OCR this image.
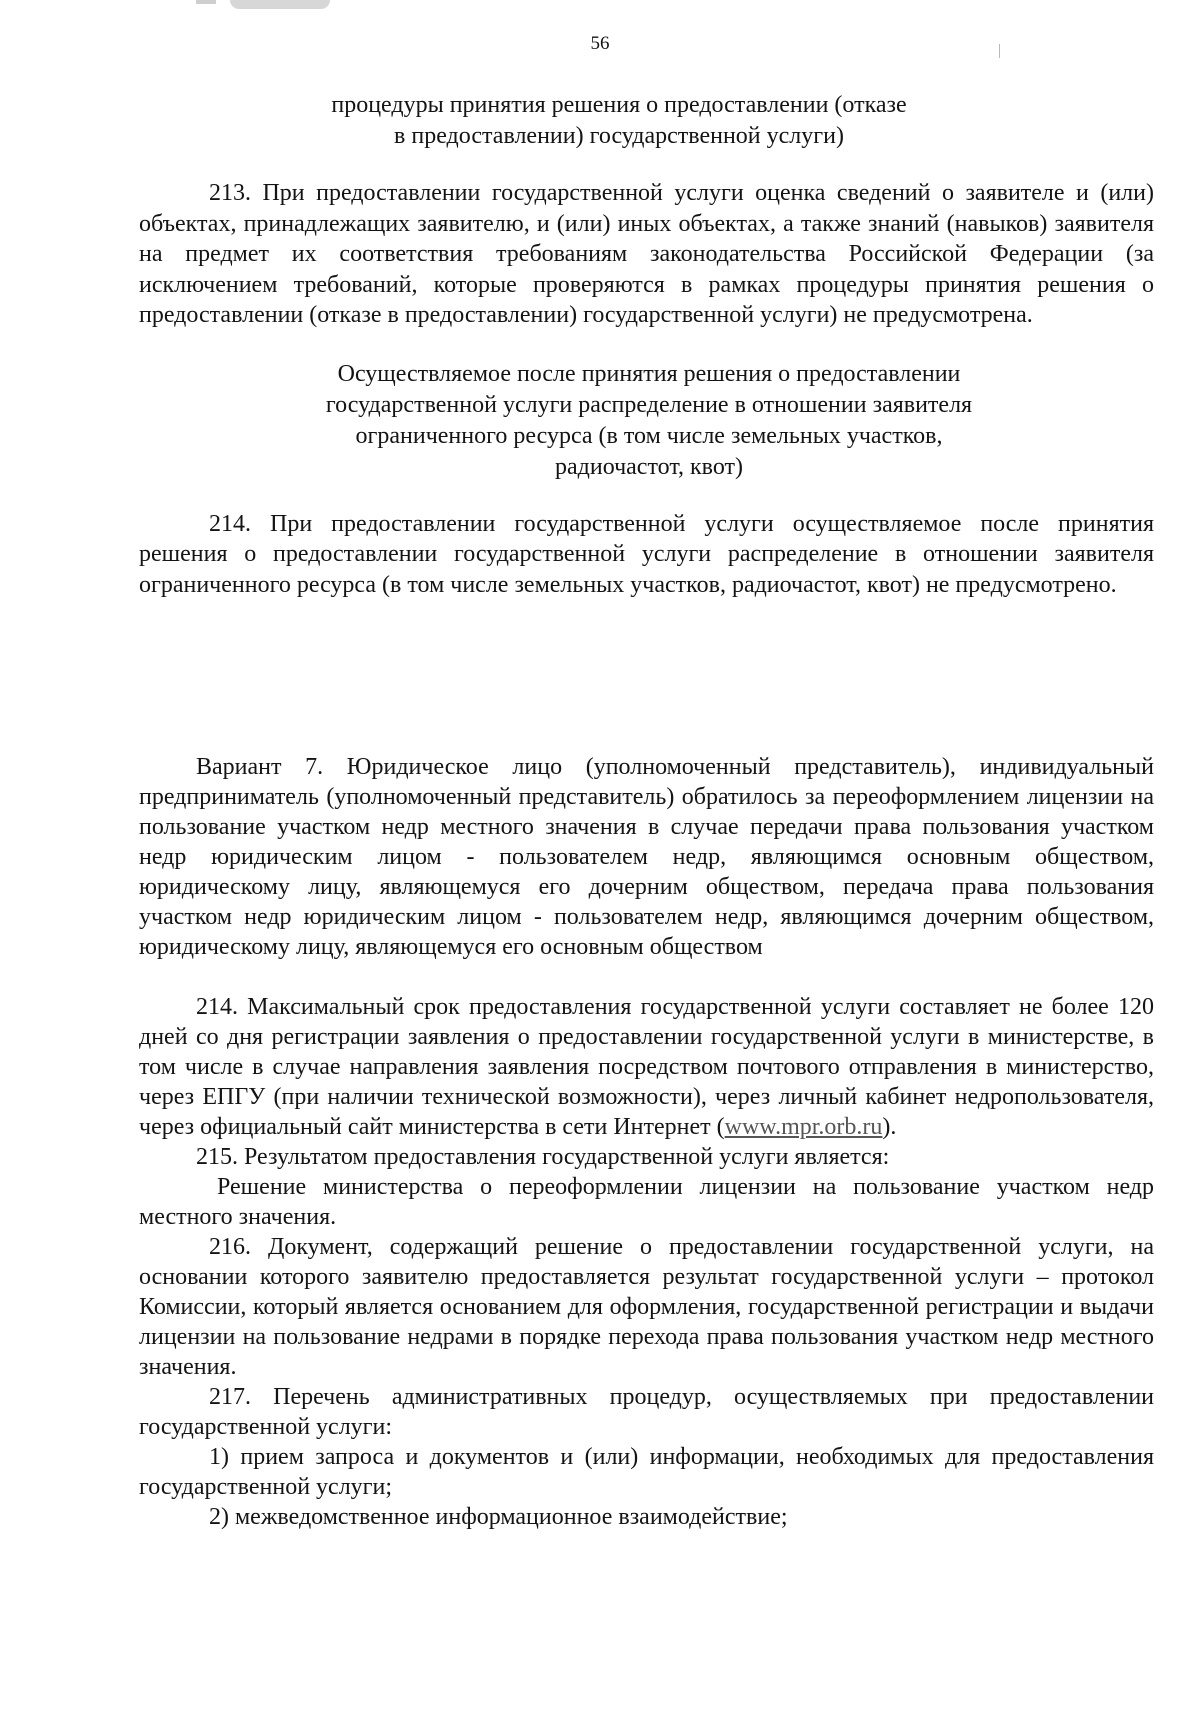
56
процедуры принятия решения о предоставлении (отказе
в предоставлении) государственной услуги)

213. При предоставлении государственной услуги оценка сведений о заявителе и (или) объектах, принадлежащих заявителю, и (или) иных объектах, а также знаний (навыков) заявителя на предмет их соответствия требованиям законодательства Российской Федерации (за исключением требований, которые проверяются в рамках процедуры принятия решения о предоставлении (отказе в предоставлении) государственной услуги) не предусмотрена.

Осуществляемое после принятия решения о предоставлении
государственной услуги распределение в отношении заявителя
ограниченного ресурса (в том числе земельных участков,
радиочастот, квот)

214. При предоставлении государственной услуги осуществляемое после принятия решения о предоставлении государственной услуги распределение в отношении заявителя ограниченного ресурса (в том числе земельных участков, радиочастот, квот) не предусмотрено.

Вариант 7. Юридическое лицо (уполномоченный представитель), индивидуальный предприниматель (уполномоченный представитель) обратилось за переоформлением лицензии на пользование участком недр местного значения в случае передачи права пользования участком недр юридическим лицом - пользователем недр, являющимся основным обществом, юридическому лицу, являющемуся его дочерним обществом, передача права пользования участком недр юридическим лицом - пользователем недр, являющимся дочерним обществом, юридическому лицу, являющемуся его основным обществом

214. Максимальный срок предоставления государственной услуги составляет не более 120 дней со дня регистрации заявления о предоставлении государственной услуги в министерстве, в том числе в случае направления заявления посредством почтового отправления в министерство, через ЕПГУ (при наличии технической возможности), через личный кабинет недропользователя, через официальный сайт министерства в сети Интернет (www.mpr.orb.ru).

215. Результатом предоставления государственной услуги является:

Решение министерства о переоформлении лицензии на пользование участком недр местного значения.

216. Документ, содержащий решение о предоставлении государственной услуги, на основании которого заявителю предоставляется результат государственной услуги – протокол Комиссии, который является основанием для оформления, государственной регистрации и выдачи лицензии на пользование недрами в порядке перехода права пользования участком недр местного значения.

217. Перечень административных процедур, осуществляемых при предоставлении государственной услуги:

1) прием запроса и документов и (или) информации, необходимых для предоставления государственной услуги;

2) межведомственное информационное взаимодействие;
